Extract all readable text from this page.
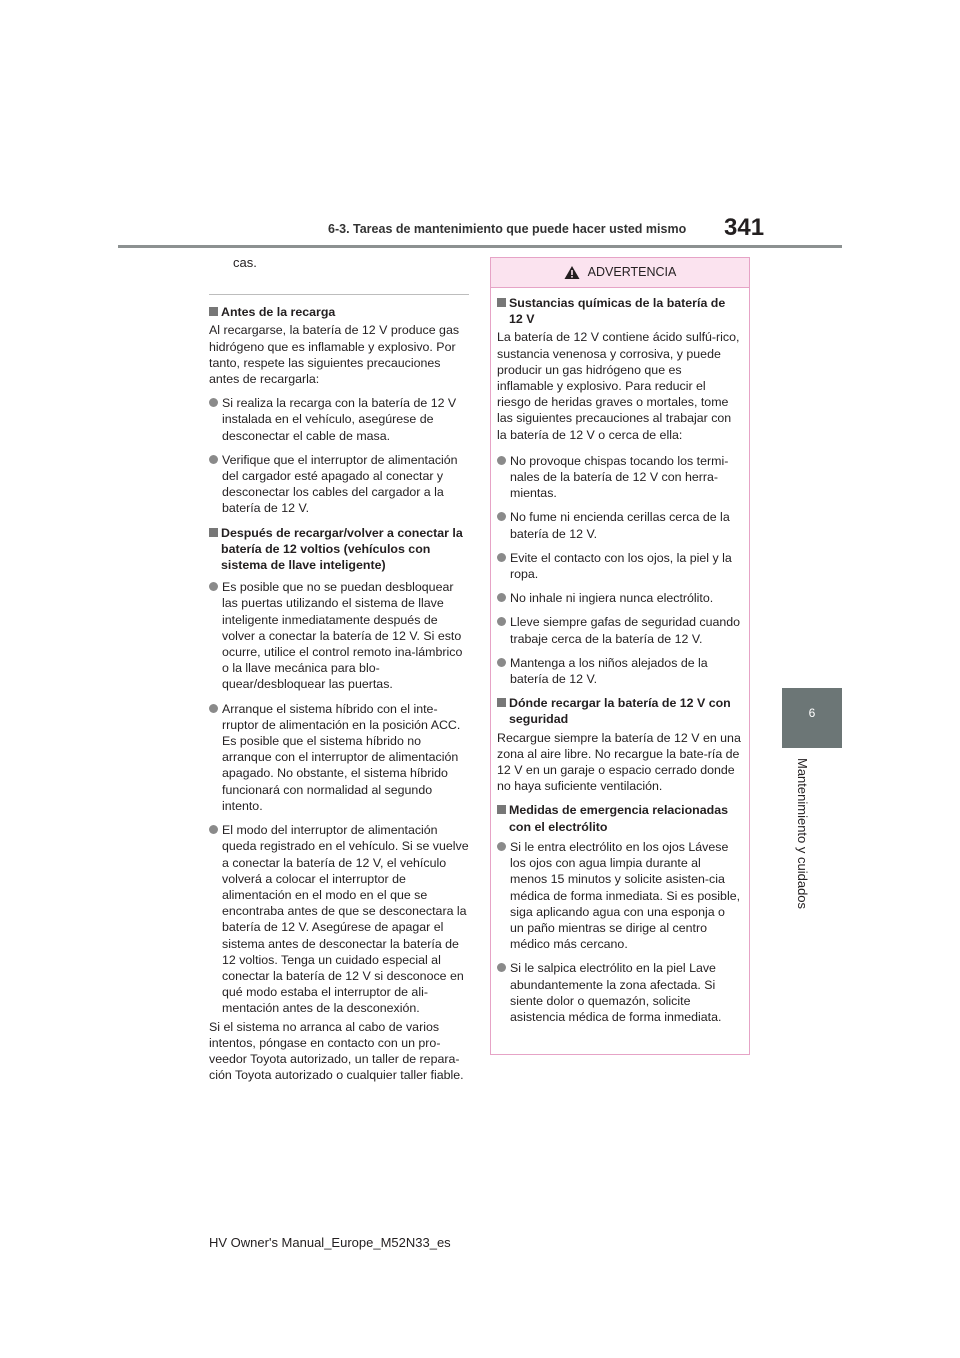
6-3. Tareas de mantenimiento que puede hacer usted mismo 341
6
Mantenimiento y cuidados
cas.
Antes de la recarga

Al recargarse, la batería de 12 V produce gas hidrógeno que es inflamable y explosivo. Por tanto, respete las siguientes precauciones antes de recargarla:

Si realiza la recarga con la batería de 12 V instalada en el vehículo, asegúrese de desconectar el cable de masa.
Verifique que el interruptor de alimentación del cargador esté apagado al conectar y desconectar los cables del cargador a la batería de 12 V.
Después de recargar/volver a conectar la batería de 12 voltios (vehículos con sistema de llave inteligente)
Es posible que no se puedan desbloquear las puertas utilizando el sistema de llave inteligente inmediatamente después de volver a conectar la batería de 12 V. Si esto ocurre, utilice el control remoto ina-lámbrico o la llave mecánica para blo-quear/desbloquear las puertas.
Arranque el sistema híbrido con el inte-rruptor de alimentación en la posición ACC. Es posible que el sistema híbrido no arranque con el interruptor de alimentación apagado. No obstante, el sistema híbrido funcionará con normalidad al segundo intento.
El modo del interruptor de alimentación queda registrado en el vehículo. Si se vuelve a conectar la batería de 12 V, el vehículo volverá a colocar el interruptor de alimentación en el modo en el que se encontraba antes de que se desconectara la batería de 12 V. Asegúrese de apagar el sistema antes de desconectar la batería de 12 voltios. Tenga un cuidado especial al conectar la batería de 12 V si desconoce en qué modo estaba el interruptor de ali-mentación antes de la desconexión.

Si el sistema no arranca al cabo de varios intentos, póngase en contacto con un pro-veedor Toyota autorizado, un taller de repara-ción Toyota autorizado o cualquier taller fiable.

ADVERTENCIA
Sustancias químicas de la batería de 12 V

La batería de 12 V contiene ácido sulfú-rico, sustancia venenosa y corrosiva, y puede producir un gas hidrógeno que es inflamable y explosivo. Para reducir el riesgo de heridas graves o mortales, tome las siguientes precauciones al trabajar con la batería de 12 V o cerca de ella:

No provoque chispas tocando los termi-nales de la batería de 12 V con herra-mientas.
No fume ni encienda cerillas cerca de la batería de 12 V.
Evite el contacto con los ojos, la piel y la ropa.
No inhale ni ingiera nunca electrólito.
Lleve siempre gafas de seguridad cuando trabaje cerca de la batería de 12 V.
Mantenga a los niños alejados de la batería de 12 V.
Dónde recargar la batería de 12 V con seguridad

Recargue siempre la batería de 12 V en una zona al aire libre. No recargue la bate-ría de 12 V en un garaje o espacio cerrado donde no haya suficiente ventilación.

Medidas de emergencia relacionadas con el electrólito
Si le entra electrólito en los ojos Lávese los ojos con agua limpia durante al menos 15 minutos y solicite asisten-cia médica de forma inmediata. Si es posible, siga aplicando agua con una esponja o un paño mientras se dirige al centro médico más cercano.
Si le salpica electrólito en la piel Lave abundantemente la zona afectada. Si siente dolor o quemazón, solicite asistencia médica de forma inmediata.
HV Owner's Manual_Europe_M52N33_es
